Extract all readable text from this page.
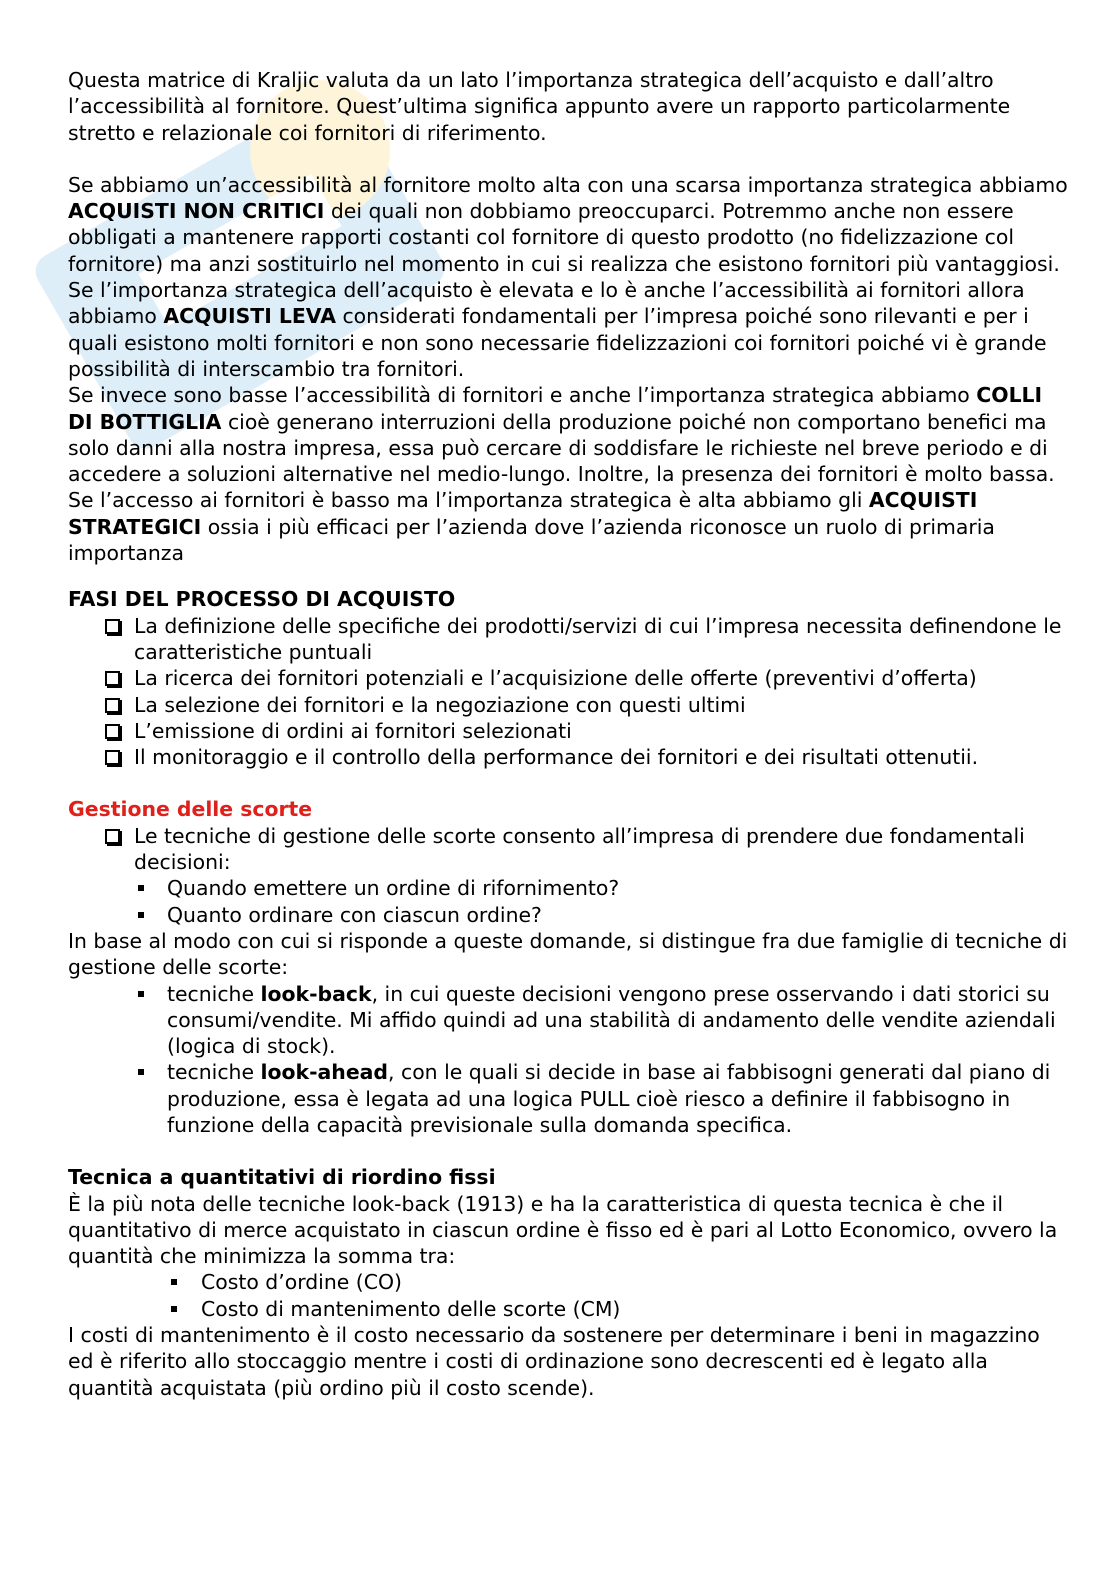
Questa matrice di Kraljic valuta da un lato l’importanza strategica dell’acquisto e dall’altro l’accessibilità al fornitore. Quest’ultima significa appunto avere un rapporto particolarmente stretto e relazionale coi fornitori di riferimento.

Se abbiamo un’accessibilità al fornitore molto alta con una scarsa importanza strategica abbiamo ACQUISTI NON CRITICI dei quali non dobbiamo preoccuparci. Potremmo anche non essere obbligati a mantenere rapporti costanti col fornitore di questo prodotto (no fidelizzazione col fornitore) ma anzi sostituirlo nel momento in cui si realizza che esistono fornitori più vantaggiosi. Se l’importanza strategica dell’acquisto è elevata e lo è anche l’accessibilità ai fornitori allora abbiamo ACQUISTI LEVA considerati fondamentali per l’impresa poiché sono rilevanti e per i quali esistono molti fornitori e non sono necessarie fidelizzazioni coi fornitori poiché vi è grande possibilità di interscambio tra fornitori.

Se invece sono basse l’accessibilità di fornitori e anche l’importanza strategica abbiamo COLLI DI BOTTIGLIA cioè generano interruzioni della produzione poiché non comportano benefici ma solo danni alla nostra impresa, essa può cercare di soddisfare le richieste nel breve periodo e di accedere a soluzioni alternative nel medio-lungo. Inoltre, la presenza dei fornitori è molto bassa. Se l’accesso ai fornitori è basso ma l’importanza strategica è alta abbiamo gli ACQUISTI STRATEGICI ossia i più efficaci per l’azienda dove l’azienda riconosce un ruolo di primaria importanza

FASI DEL PROCESSO DI ACQUISTO
La definizione delle specifiche dei prodotti/servizi di cui l’impresa necessita definendone le caratteristiche puntuali
La ricerca dei fornitori potenziali e l’acquisizione delle offerte (preventivi d’offerta)
La selezione dei fornitori e la negoziazione con questi ultimi
L’emissione di ordini ai fornitori selezionati
Il monitoraggio e il controllo della performance dei fornitori e dei risultati ottenutii.
Gestione delle scorte
Le tecniche di gestione delle scorte consento all’impresa di prendere due fondamentali decisioni:
Quando emettere un ordine di rifornimento?
Quanto ordinare con ciascun ordine?

In base al modo con cui si risponde a queste domande, si distingue fra due famiglie di tecniche di gestione delle scorte:

tecniche look-back, in cui queste decisioni vengono prese osservando i dati storici su consumi/vendite. Mi affido quindi ad una stabilità di andamento delle vendite aziendali (logica di stock).
tecniche look-ahead, con le quali si decide in base ai fabbisogni generati dal piano di produzione, essa è legata ad una logica PULL cioè riesco a definire il fabbisogno in funzione della capacità previsionale sulla domanda specifica.
Tecnica a quantitativi di riordino fissi

È la più nota delle tecniche look-back (1913) e ha la caratteristica di questa tecnica è che il quantitativo di merce acquistato in ciascun ordine è fisso ed è pari al Lotto Economico, ovvero la quantità che minimizza la somma tra:

Costo d’ordine (CO)
Costo di mantenimento delle scorte (CM)

I costi di mantenimento è il costo necessario da sostenere per determinare i beni in magazzino ed è riferito allo stoccaggio mentre i costi di ordinazione sono decrescenti ed è legato alla quantità acquistata (più ordino più il costo scende).
